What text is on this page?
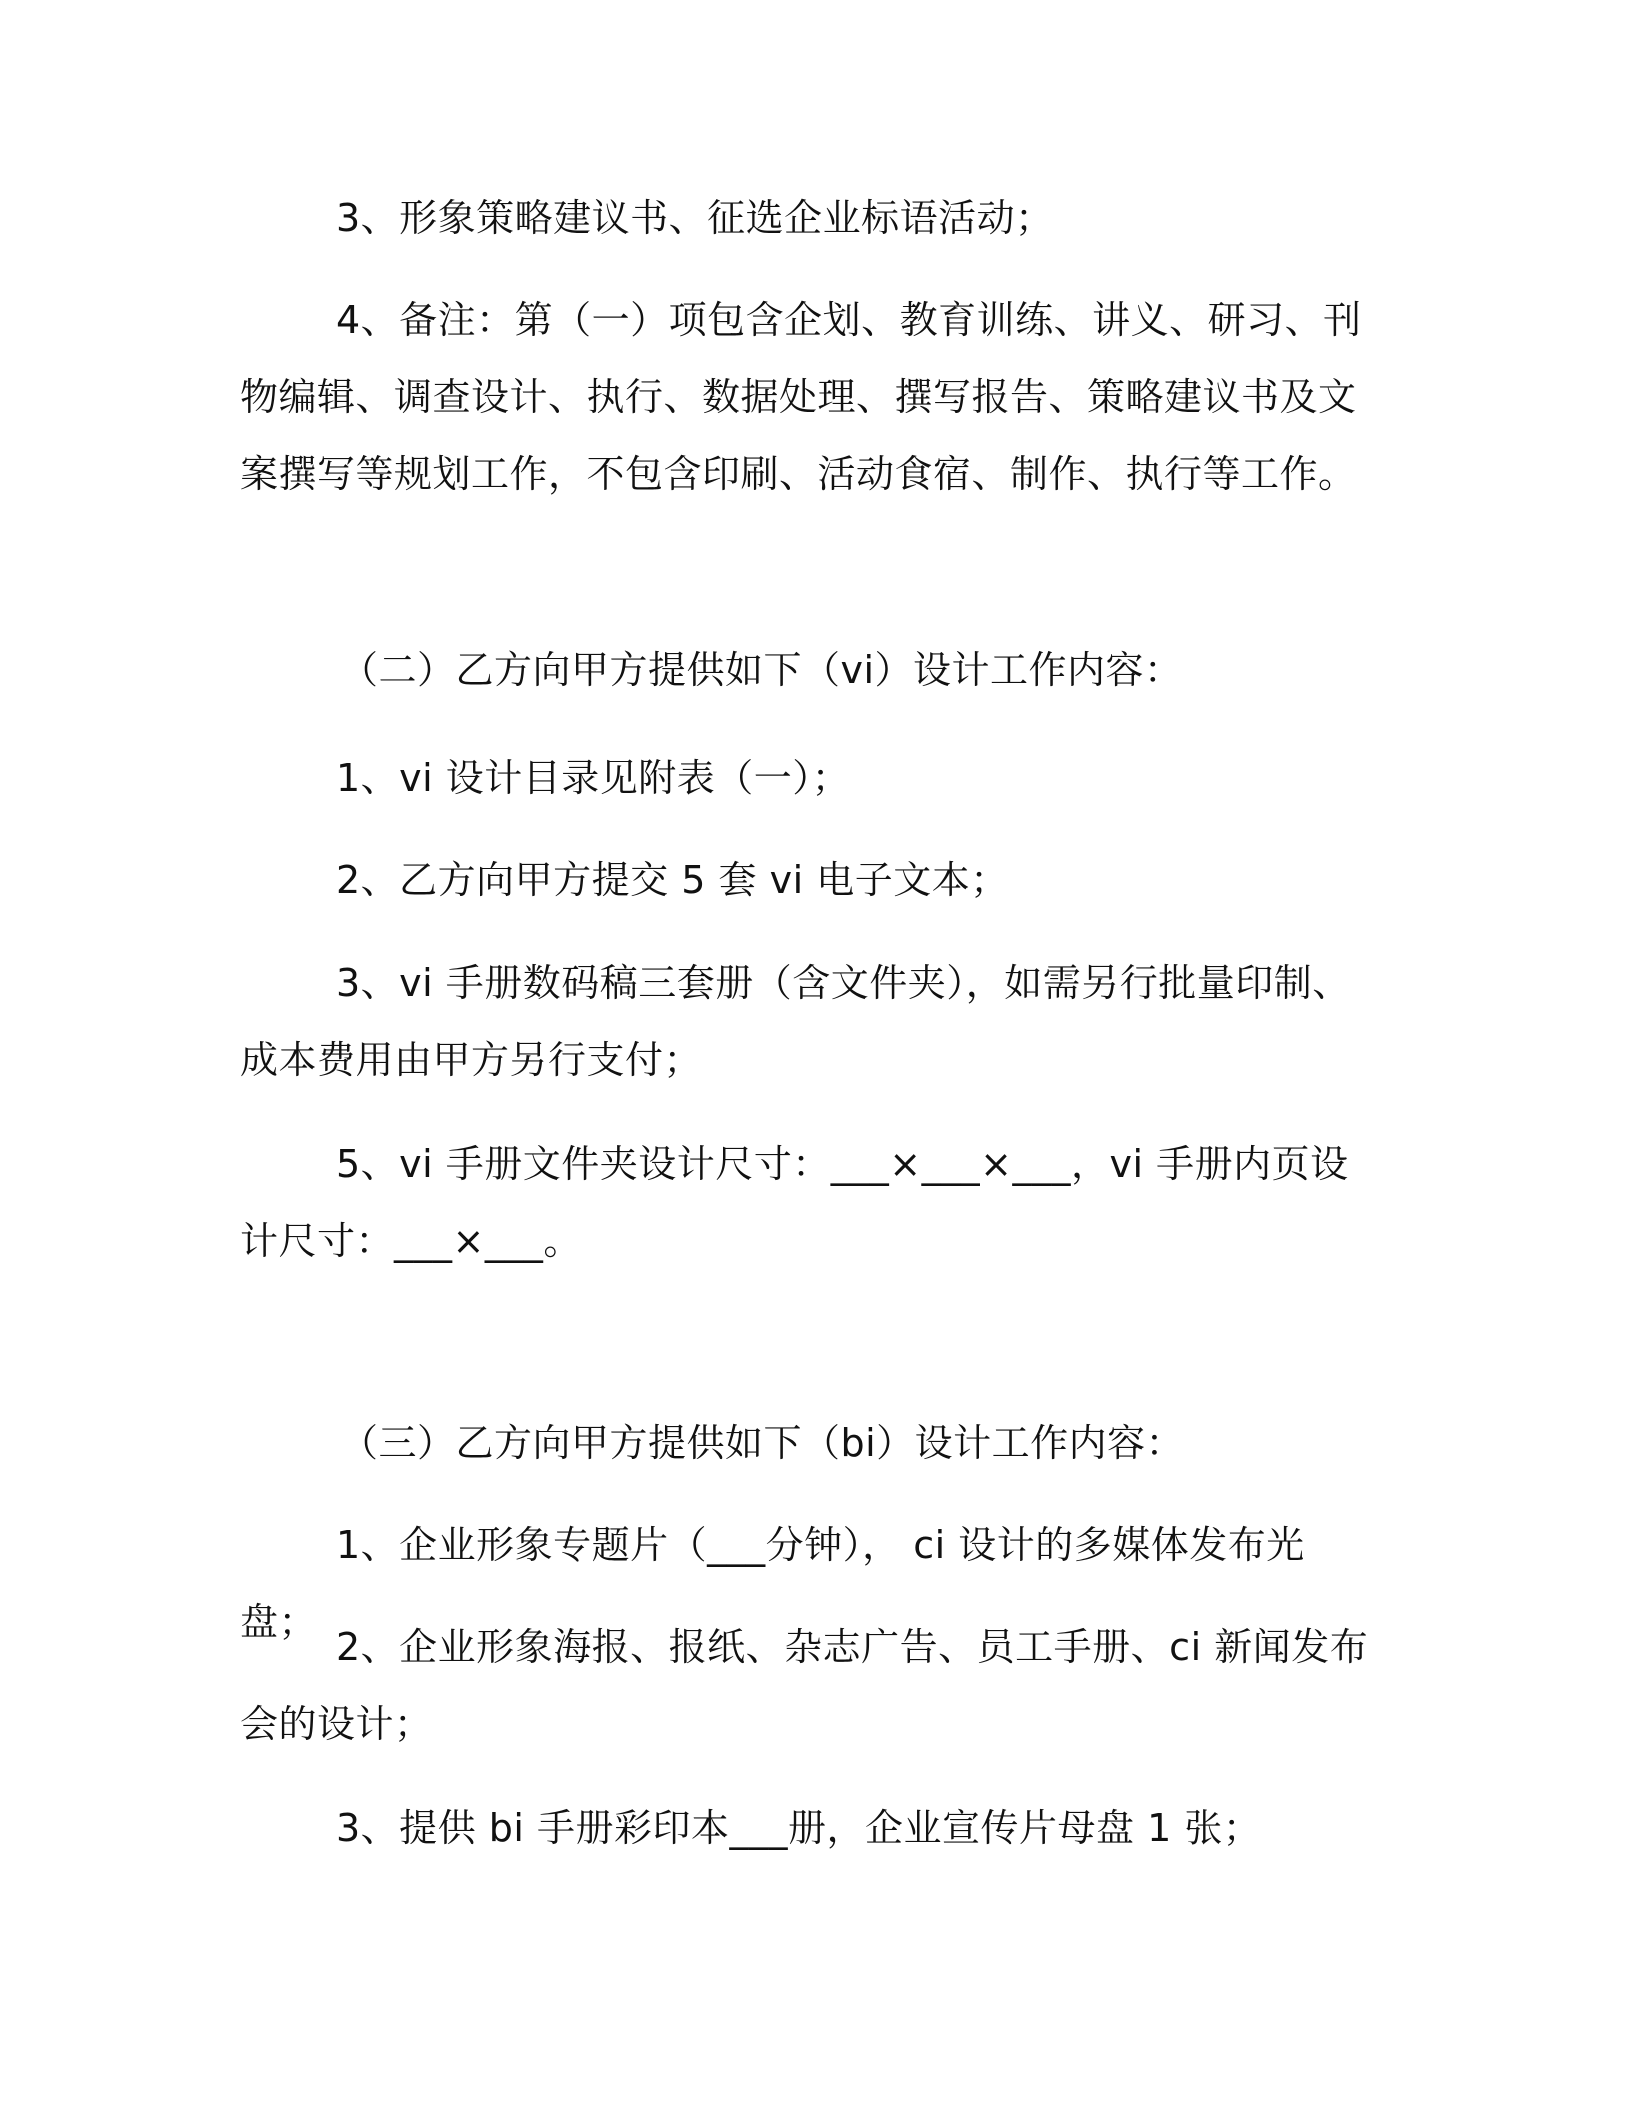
3、形象策略建议书、征选企业标语活动；

4、备注：第（一）项包含企划、教育训练、讲义、研习、刊物编辑、调查设计、执行、数据处理、撰写报告、策略建议书及文案撰写等规划工作，不包含印刷、活动食宿、制作、执行等工作。

（二）乙方向甲方提供如下（vi）设计工作内容：

1、vi 设计目录见附表（一）；

2、乙方向甲方提交 5 套 vi 电子文本；

3、vi 手册数码稿三套册（含文件夹），如需另行批量印制、成本费用由甲方另行支付；

5、vi 手册文件夹设计尺寸：___×___×___，vi 手册内页设计尺寸：___×___。

（三）乙方向甲方提供如下（bi）设计工作内容：

1、企业形象专题片（___分钟）， ci 设计的多媒体发布光盘；

2、企业形象海报、报纸、杂志广告、员工手册、ci 新闻发布会的设计；

3、提供 bi 手册彩印本___册，企业宣传片母盘 1 张；
